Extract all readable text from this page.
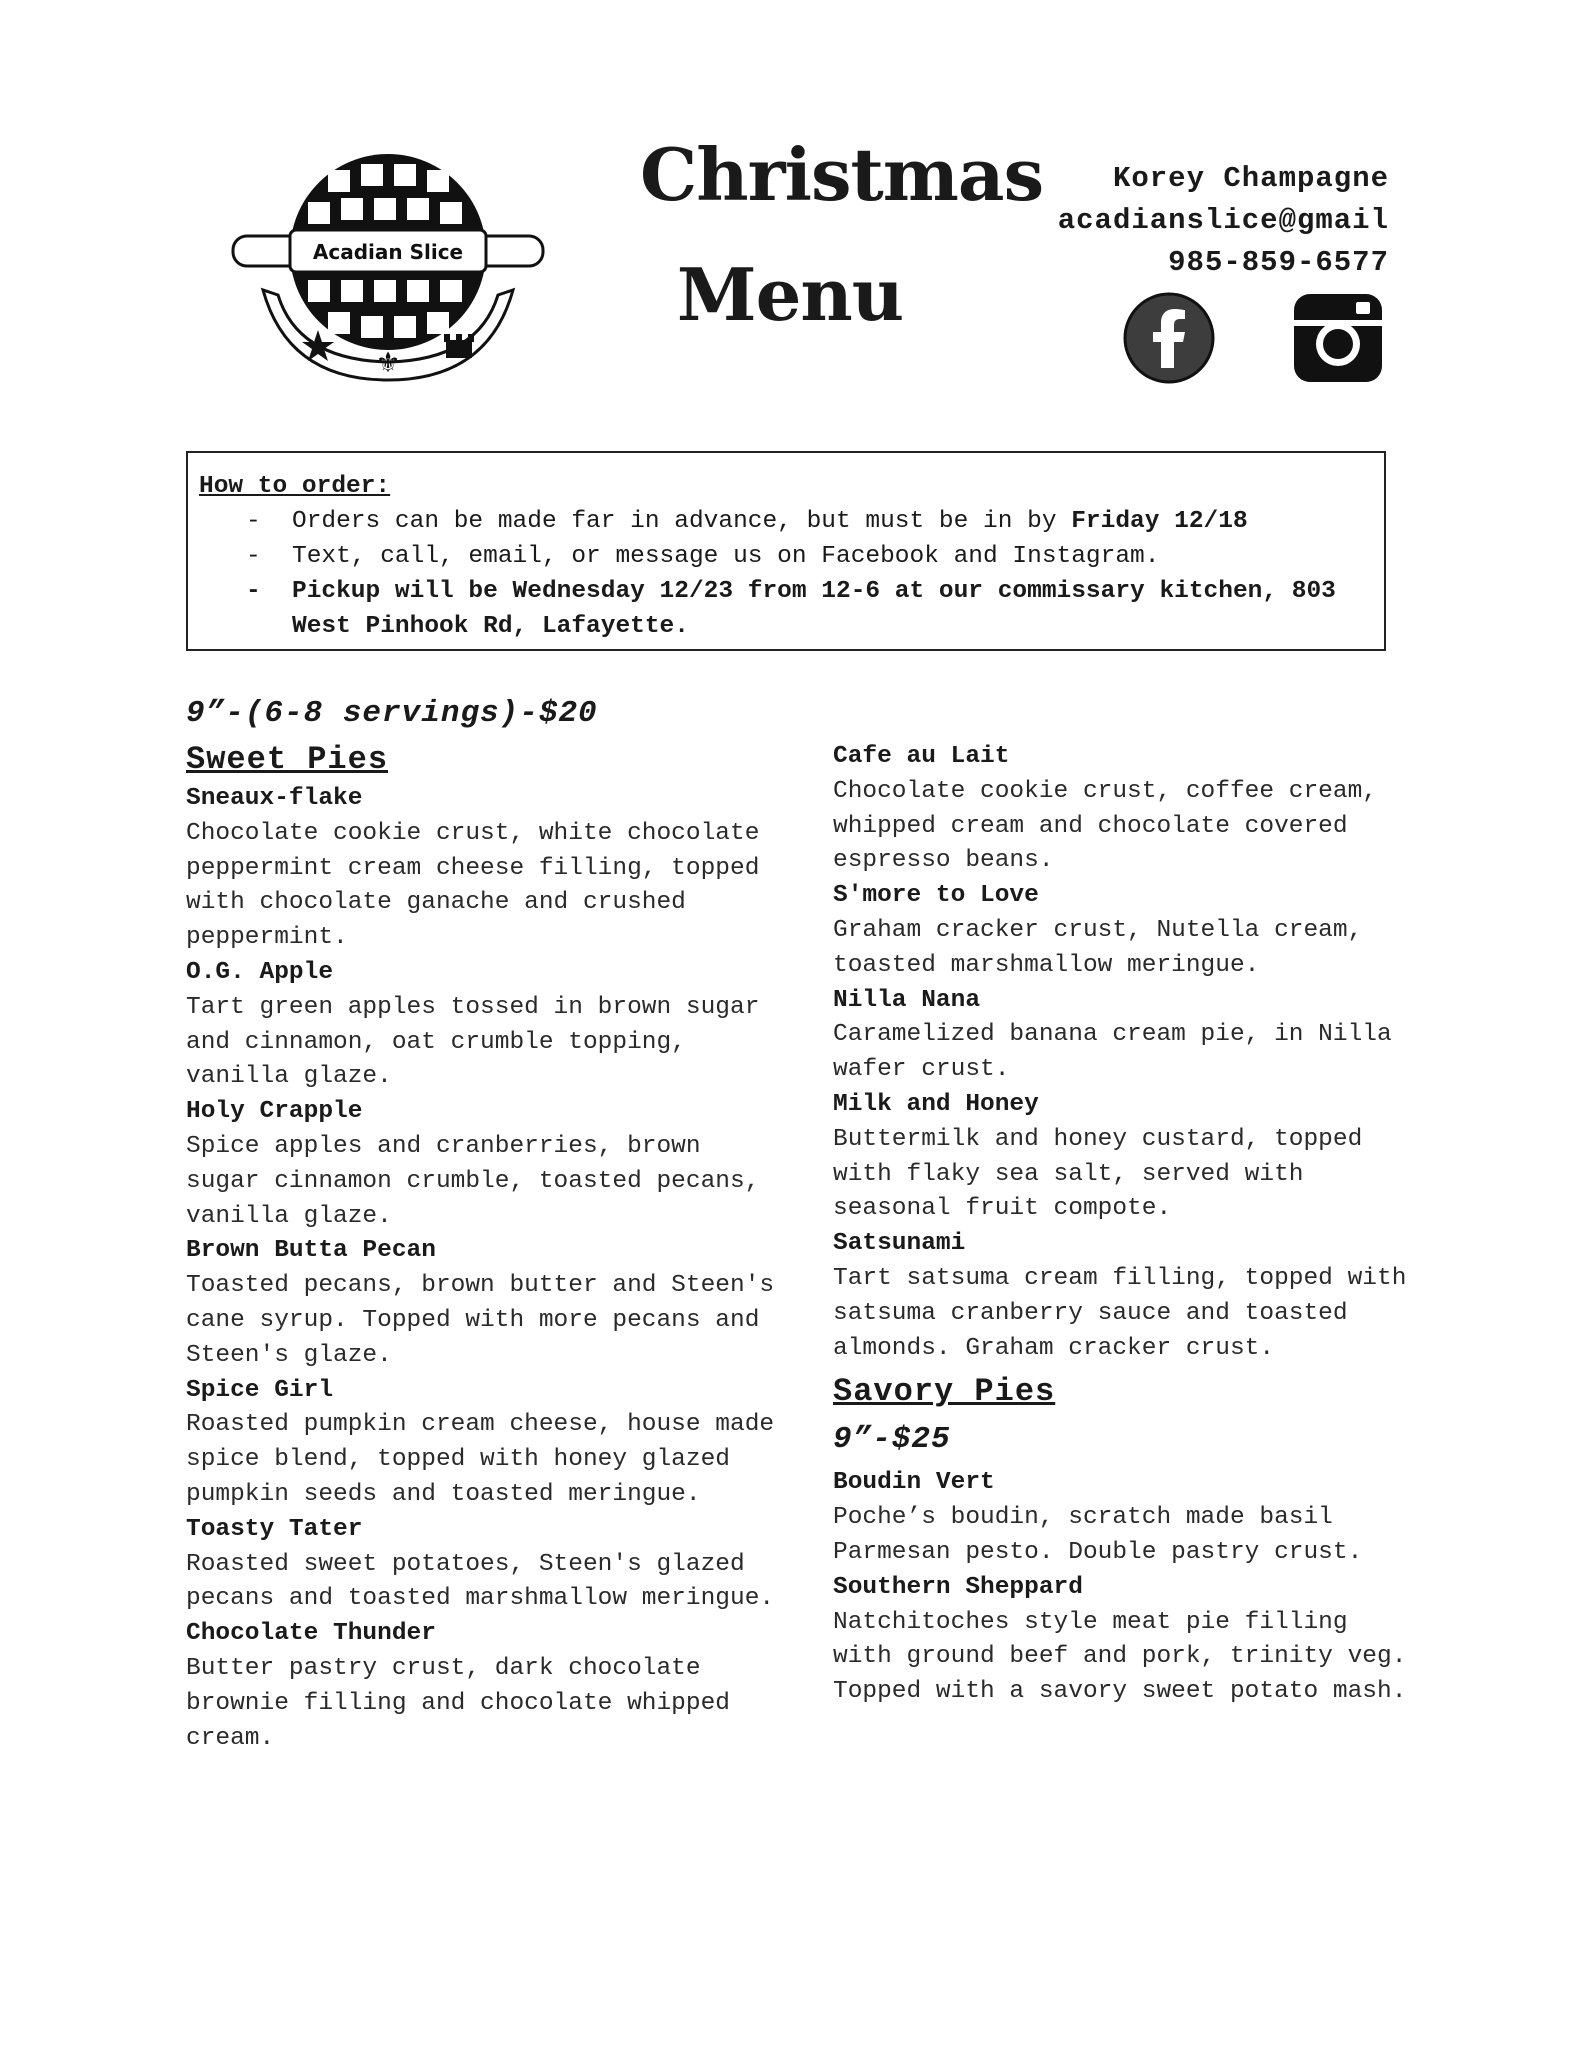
Acadian Slice
⚜
Christmas
Menu
Korey Champagne
acadianslice@gmail
985-859-6577
How to order:
- Orders can be made far in advance, but must be in by Friday 12/18
- Text, call, email, or message us on Facebook and Instagram.
- Pickup will be Wednesday 12/23 from 12-6 at our commissary kitchen, 803 West Pinhook Rd, Lafayette.
9”-(6-8 servings)-$20
Sweet Pies
Sneaux-flake
Chocolate cookie crust, white chocolate peppermint cream cheese filling, topped with chocolate ganache and crushed peppermint.
O.G. Apple
Tart green apples tossed in brown sugar and cinnamon, oat crumble topping, vanilla glaze.
Holy Crapple
Spice apples and cranberries, brown sugar cinnamon crumble, toasted pecans, vanilla glaze.
Brown Butta Pecan
Toasted pecans, brown butter and Steen's cane syrup. Topped with more pecans and Steen's glaze.
Spice Girl
Roasted pumpkin cream cheese, house made spice blend, topped with honey glazed pumpkin seeds and toasted meringue.
Toasty Tater
Roasted sweet potatoes, Steen's glazed pecans and toasted marshmallow meringue.
Chocolate Thunder
Butter pastry crust, dark chocolate brownie filling and chocolate whipped cream.
Cafe au Lait
Chocolate cookie crust, coffee cream, whipped cream and chocolate covered espresso beans.
S'more to Love
Graham cracker crust, Nutella cream, toasted marshmallow meringue.
Nilla Nana
Caramelized banana cream pie, in Nilla wafer crust.
Milk and Honey
Buttermilk and honey custard, topped with flaky sea salt, served with seasonal fruit compote.
Satsunami
Tart satsuma cream filling, topped with satsuma cranberry sauce and toasted almonds. Graham cracker crust.
Savory Pies
9”-$25
Boudin Vert
Poche’s boudin, scratch made basil Parmesan pesto. Double pastry crust.
Southern Sheppard
Natchitoches style meat pie filling with ground beef and pork, trinity veg. Topped with a savory sweet potato mash.
